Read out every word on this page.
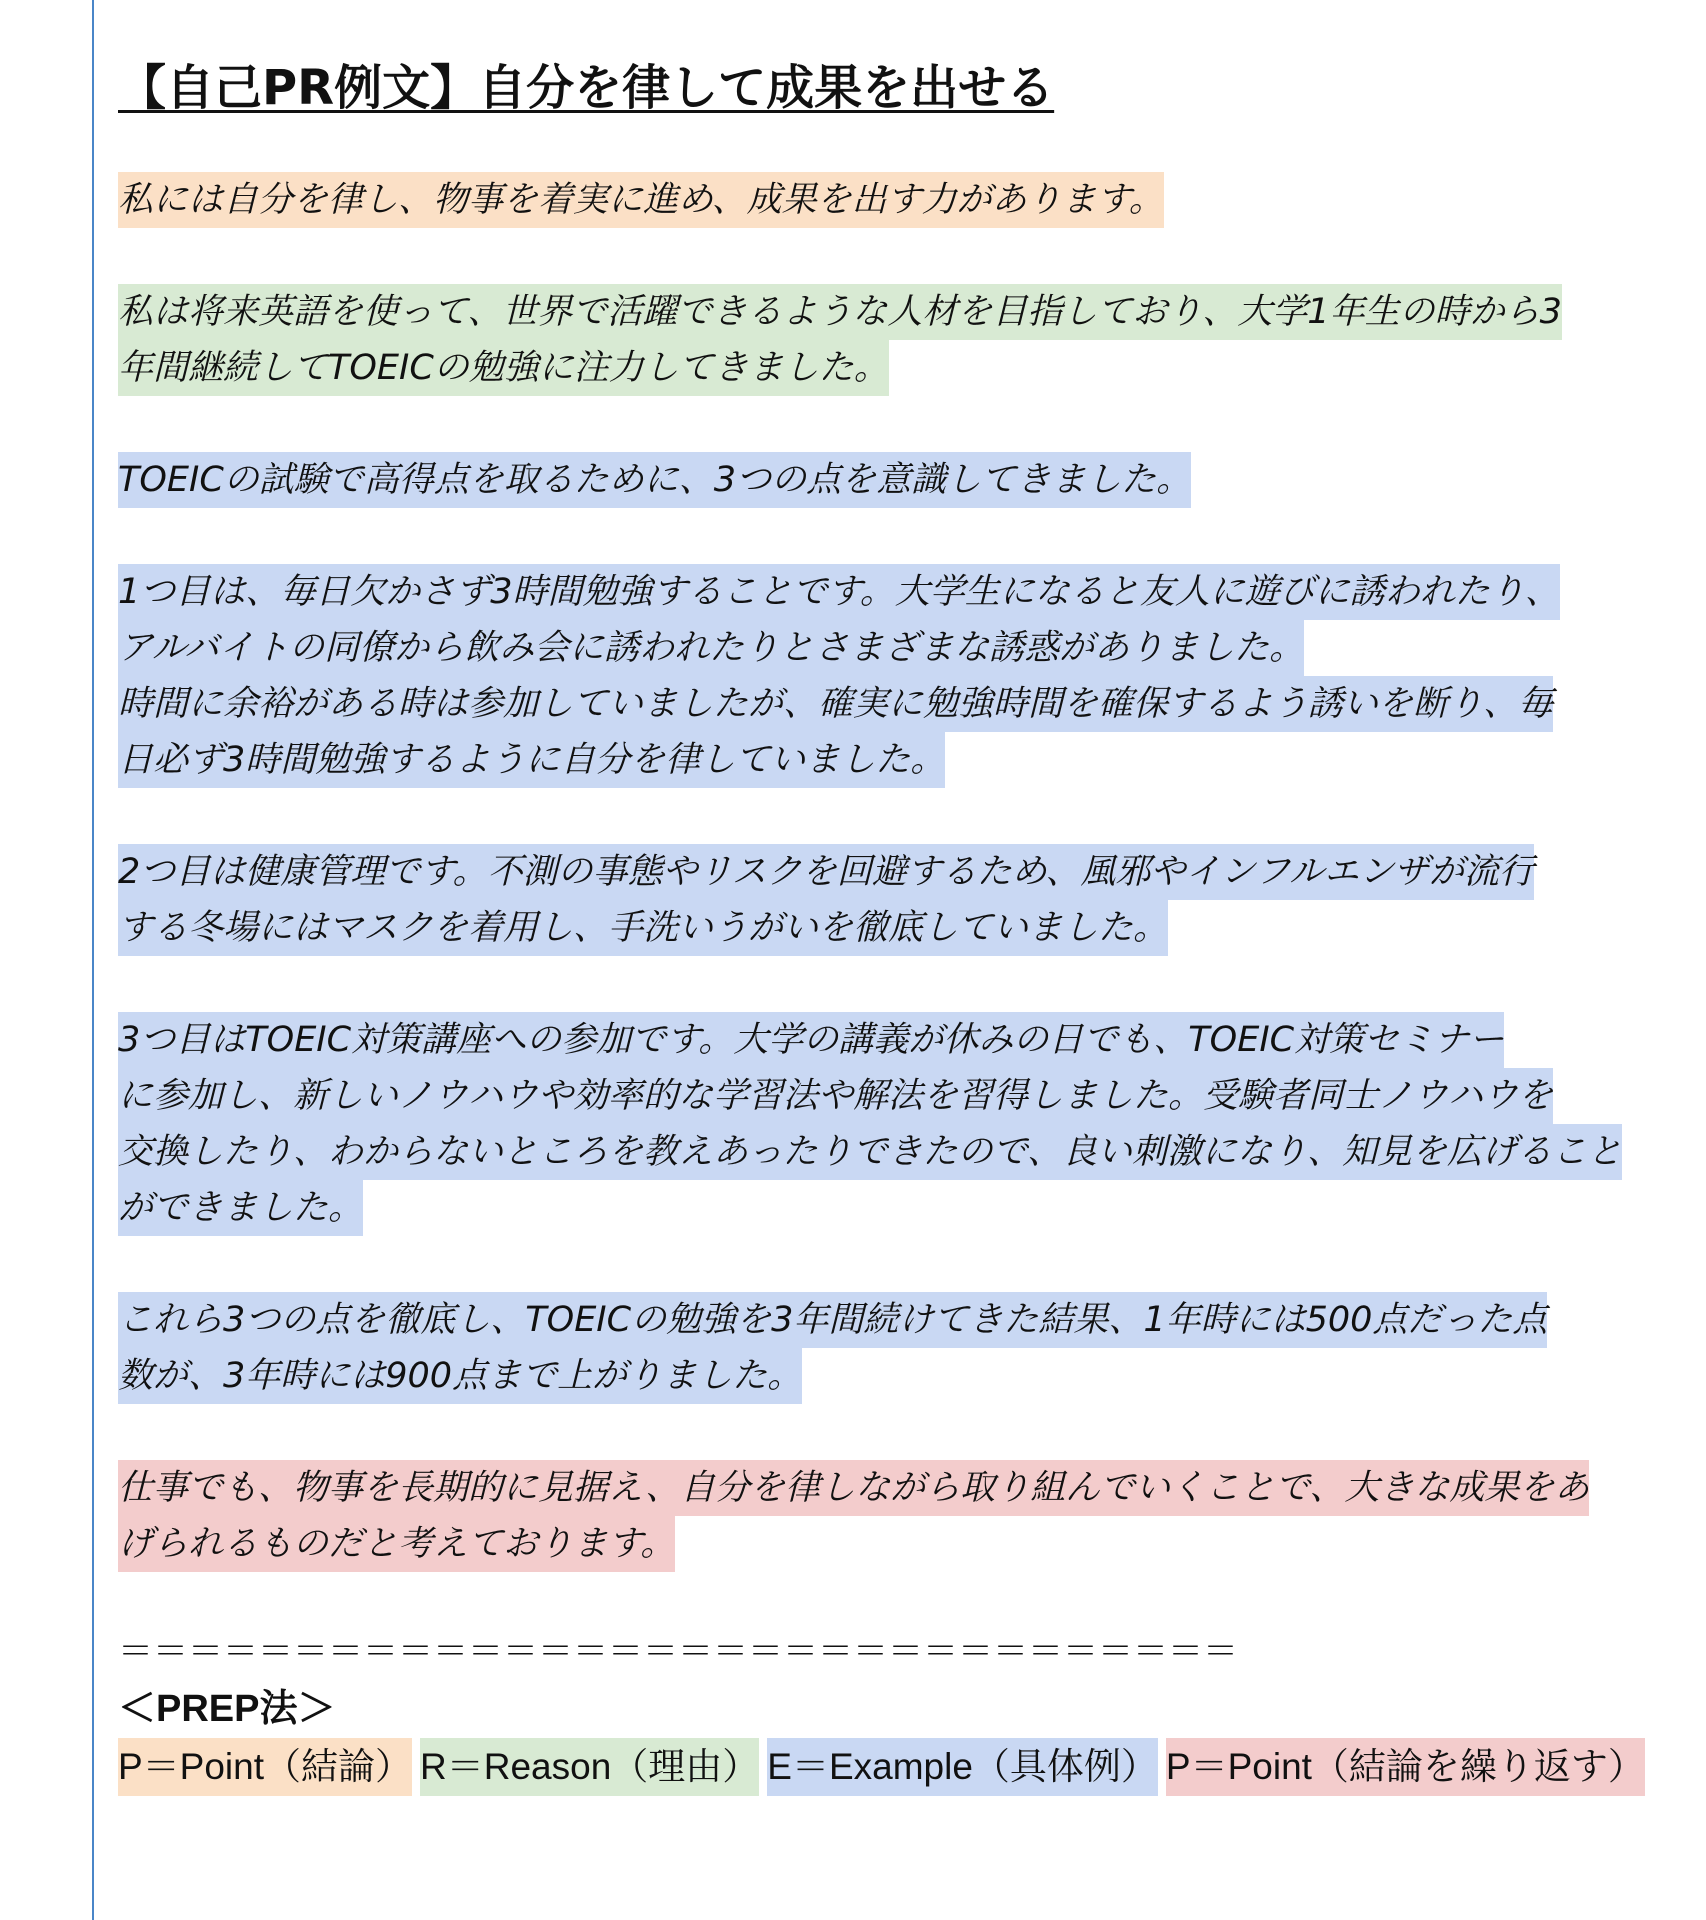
【自己PR例文】自分を律して成果を出せる
私には自分を律し、物事を着実に進め、成果を出す力があります。
私は将来英語を使って、世界で活躍できるような人材を目指しており、大学1年生の時から3
年間継続してTOEICの勉強に注力してきました。
TOEICの試験で高得点を取るために、3つの点を意識してきました。
1つ目は、毎日欠かさず3時間勉強することです。大学生になると友人に遊びに誘われたり、
アルバイトの同僚から飲み会に誘われたりとさまざまな誘惑がありました。
時間に余裕がある時は参加していましたが、確実に勉強時間を確保するよう誘いを断り、毎
日必ず3時間勉強するように自分を律していました。
2つ目は健康管理です。不測の事態やリスクを回避するため、風邪やインフルエンザが流行
する冬場にはマスクを着用し、手洗いうがいを徹底していました。
3つ目はTOEIC対策講座への参加です。大学の講義が休みの日でも、TOEIC対策セミナー
に参加し、新しいノウハウや効率的な学習法や解法を習得しました。受験者同士ノウハウを
交換したり、わからないところを教えあったりできたので、良い刺激になり、知見を広げること
ができました。
これら3つの点を徹底し、TOEICの勉強を3年間続けてきた結果、1年時には500点だった点
数が、3年時には900点まで上がりました。
仕事でも、物事を長期的に見据え、自分を律しながら取り組んでいくことで、大きな成果をあ
げられるものだと考えております。
＝＝＝＝＝＝＝＝＝＝＝＝＝＝＝＝＝＝＝＝＝＝＝＝＝＝＝＝＝＝＝＝
＜PREP法＞
P＝Point（結論） R＝Reason（理由） E＝Example（具体例） P＝Point（結論を繰り返す）
